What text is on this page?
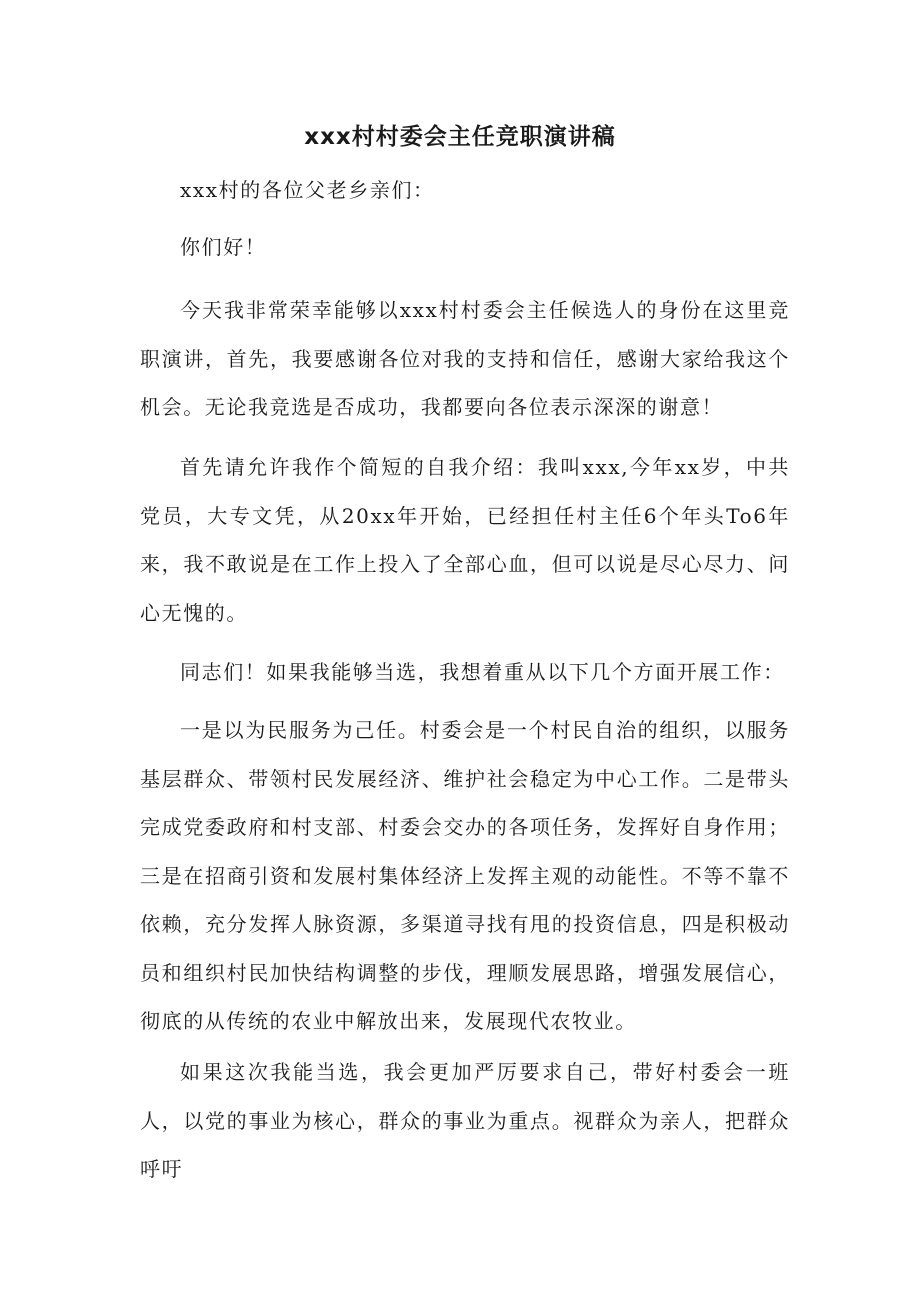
xxx村村委会主任竞职演讲稿

xxx村的各位父老乡亲们：

你们好！

今天我非常荣幸能够以xxx村村委会主任候选人的身份在这里竞职演讲，首先，我要感谢各位对我的支持和信任，感谢大家给我这个机会。无论我竞选是否成功，我都要向各位表示深深的谢意！

首先请允许我作个简短的自我介绍：我叫xxx,今年xx岁，中共党员，大专文凭，从20xx年开始，已经担任村主任6个年头To6年来，我不敢说是在工作上投入了全部心血，但可以说是尽心尽力、问心无愧的。

同志们！如果我能够当选，我想着重从以下几个方面开展工作：

一是以为民服务为己任。村委会是一个村民自治的组织，以服务基层群众、带领村民发展经济、维护社会稳定为中心工作。二是带头完成党委政府和村支部、村委会交办的各项任务，发挥好自身作用；三是在招商引资和发展村集体经济上发挥主观的动能性。不等不靠不依赖，充分发挥人脉资源，多渠道寻找有甩的投资信息，四是积极动员和组织村民加快结构调整的步伐，理顺发展思路，增强发展信心，彻底的从传统的农业中解放出来，发展现代农牧业。

如果这次我能当选，我会更加严厉要求自己，带好村委会一班人，以党的事业为核心，群众的事业为重点。视群众为亲人，把群众呼吁
